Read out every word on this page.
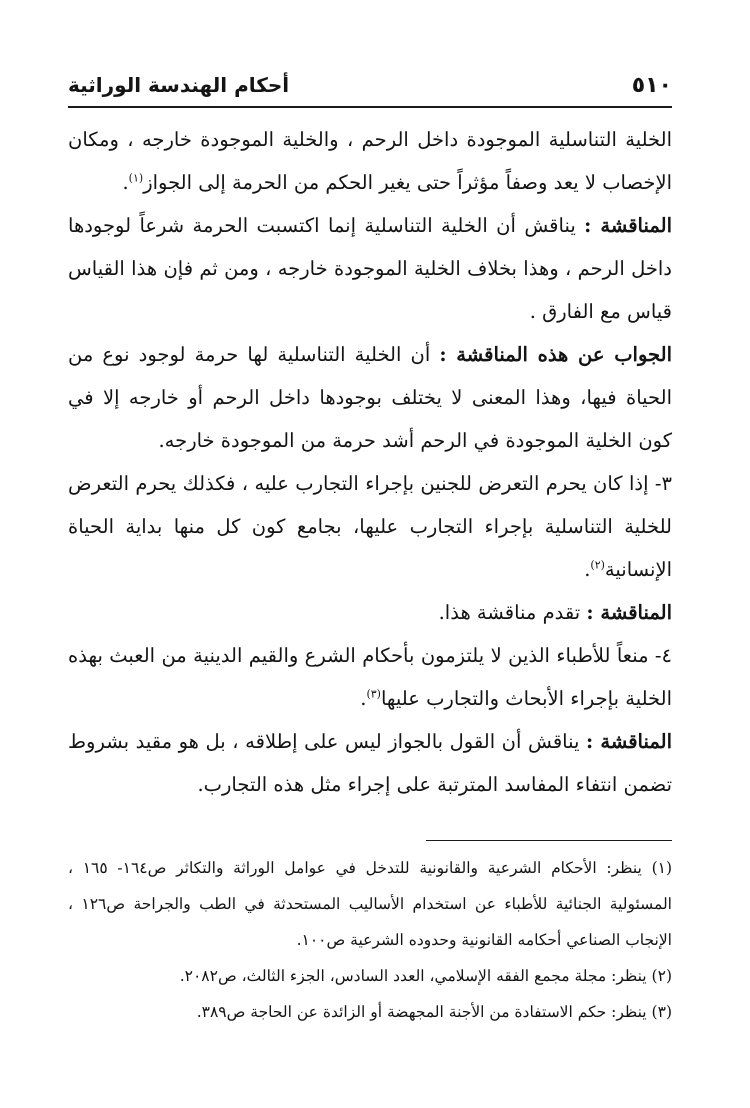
٥١٠
أحكام الهندسة الوراثية

الخلية التناسلية الموجودة داخل الرحم ، والخلية الموجودة خارجه ، ومكان الإخصاب لا يعد وصفاً مؤثراً حتى يغير الحكم من الحرمة إلى الجواز$^{(١)}$.

المناقشة : يناقش أن الخلية التناسلية إنما اكتسبت الحرمة شرعاً لوجودها داخل الرحم ، وهذا بخلاف الخلية الموجودة خارجه ، ومن ثم فإن هذا القياس قياس مع الفارق .

الجواب عن هذه المناقشة : أن الخلية التناسلية لها حرمة لوجود نوع من الحياة فيها، وهذا المعنى لا يختلف بوجودها داخل الرحم أو خارجه إلا في كون الخلية الموجودة في الرحم أشد حرمة من الموجودة خارجه.

٣- إذا كان يحرم التعرض للجنين بإجراء التجارب عليه ، فكذلك يحرم التعرض للخلية التناسلية بإجراء التجارب عليها، بجامع كون كل منها بداية الحياة الإنسانية$^{(٢)}$.

المناقشة : تقدم مناقشة هذا.

٤- منعاً للأطباء الذين لا يلتزمون بأحكام الشرع والقيم الدينية من العبث بهذه الخلية بإجراء الأبحاث والتجارب عليها$^{(٣)}$.

المناقشة : يناقش أن القول بالجواز ليس على إطلاقه ، بل هو مقيد بشروط تضمن انتفاء المفاسد المترتبة على إجراء مثل هذه التجارب.

(١) ينظر: الأحكام الشرعية والقانونية للتدخل في عوامل الوراثة والتكاثر ص١٦٤- ١٦٥ ، المسئولية الجنائية للأطباء عن استخدام الأساليب المستحدثة في الطب والجراحة ص١٢٦ ، الإنجاب الصناعي أحكامه القانونية وحدوده الشرعية ص١٠٠.

(٢) ينظر: مجلة مجمع الفقه الإسلامي، العدد السادس، الجزء الثالث، ص٢٠٨٢.

(٣) ينظر: حكم الاستفادة من الأجنة المجهضة أو الزائدة عن الحاجة ص٣٨٩.
